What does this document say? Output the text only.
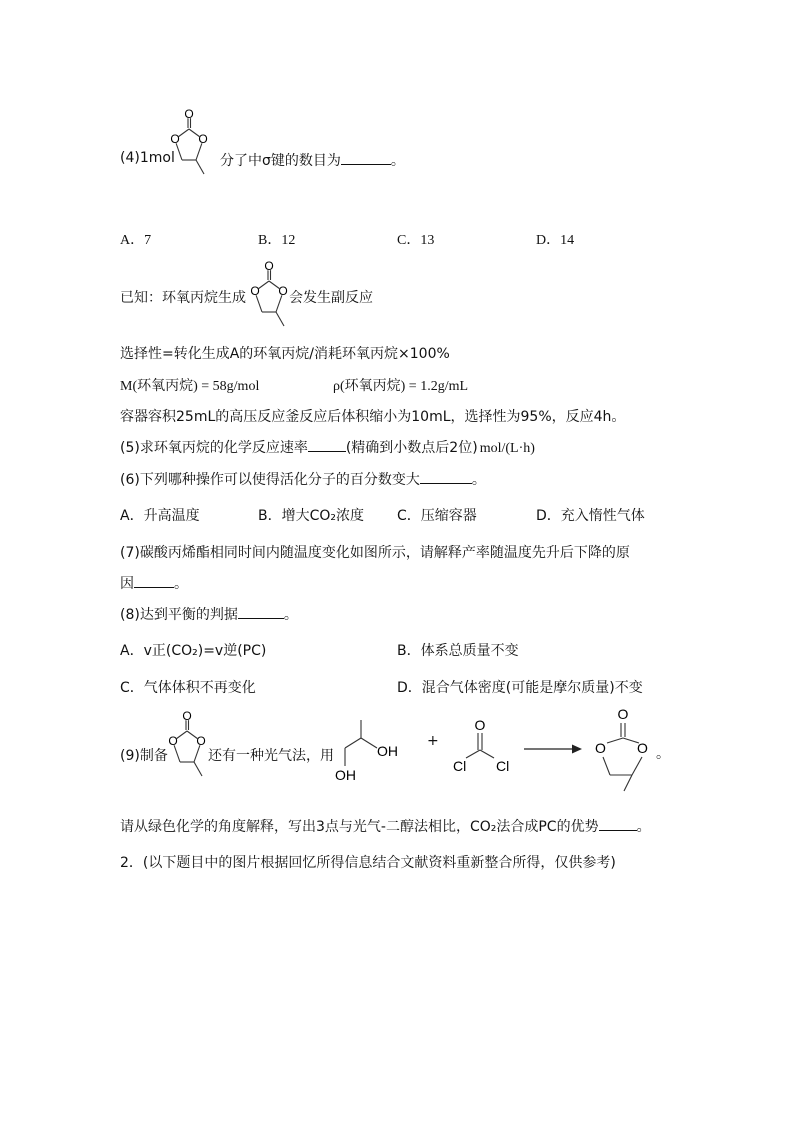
(4)1mol
O
O O
分了中σ键的数目为	。
A．7	B．12	C．13	D．14
已知：环氧丙烷生成
O
O O 会发生副反应
选择性=转化生成A的环氧丙烷/消耗环氧丙烷×100%
M(环氧丙烷) = 58g/mol	ρ(环氧丙烷) = 1.2g/mL
容器容积25mL的高压反应釜反应后体积缩小为10mL，选择性为95%，反应4h。
(5)求环氧丙烷的化学反应速率	(精确到小数点后2位) mol/(L·h)
(6)下列哪种操作可以使得活化分子的百分数变大	。
A．升高温度	B．增大CO₂浓度 C．压缩容器	D．充入惰性气体
(7)碳酸丙烯酯相同时间内随温度变化如图所示，请解释产率随温度先升后下降的原
因	。
(8)达到平衡的判据	。
A．v正(CO₂)=v逆(PC)	B．体系总质量不变
C．气体体积不再变化	D．混合气体密度(可能是摩尔质量)不变
(9)制备
O
O O
还有一种光气法，用	OH
OH
+
O
Cl Cl
O
O O 。
请从绿色化学的角度解释，写出3点与光气-二醇法相比，CO₂法合成PC的优势	。
2．(以下题目中的图片根据回忆所得信息结合文献资料重新整合所得，仅供参考)
